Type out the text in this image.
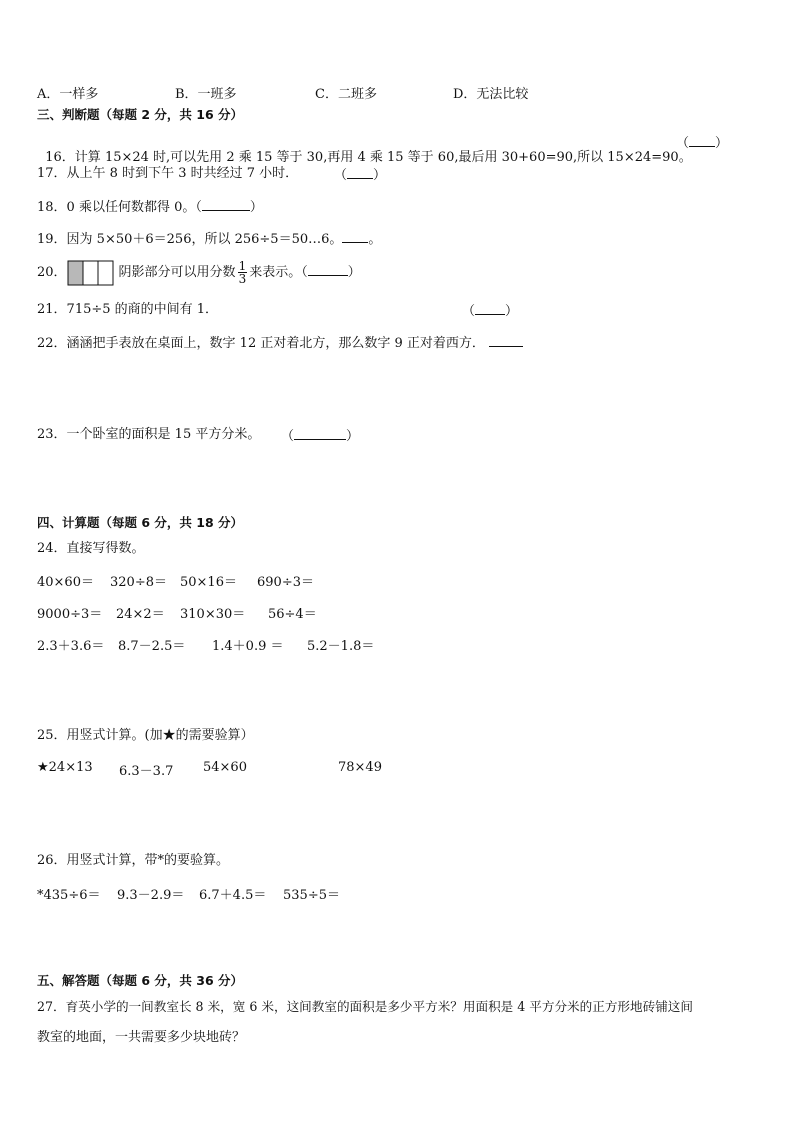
A．一样多	B．一班多	C．二班多	D．无法比较
三、判断题（每题 2 分，共 16 分）

16．计算 15×24 时,可以先用 2 乘 15 等于 30,再用 4 乘 15 等于 60,最后用 30+60=90,所以 15×24=90。

（ ）
17．从上午 8 时到下午 3 时共经过 7 小时．	（ ）
18．0 乘以任何数都得 0。（	）
19．因为 5×50＋6＝256，所以 256÷5＝50…6。 。
20．	阴影部分可以用分数 $\frac{1}{3}$ 来表示。（	）
21．715÷5 的商的中间有 1．	（ ）
22．涵涵把手表放在桌面上，数字 12 正对着北方，那么数字 9 正对着西方．
23．一个卧室的面积是 15 平方分米。 （	）
四、计算题（每题 6 分，共 18 分）
24．直接写得数。
40×60＝ 320÷8＝ 50×16＝ 690÷3＝
9000÷3＝ 24×2＝ 310×30＝ 56÷4＝
2.3＋3.6＝ 8.7－2.5＝ 1.4＋0.9 ＝ 5.2－1.8＝
25．用竖式计算。(加★的需要验算）
★24×13 6.3－3.7 54×60	78×49
26．用竖式计算，带*的要验算。
*435÷6＝ 9.3－2.9＝ 6.7＋4.5＝ 535÷5＝
五、解答题（每题 6 分，共 36 分）
27．育英小学的一间教室长 8 米，宽 6 米，这间教室的面积是多少平方米？用面积是 4 平方分米的正方形地砖铺这间
教室的地面，一共需要多少块地砖？
